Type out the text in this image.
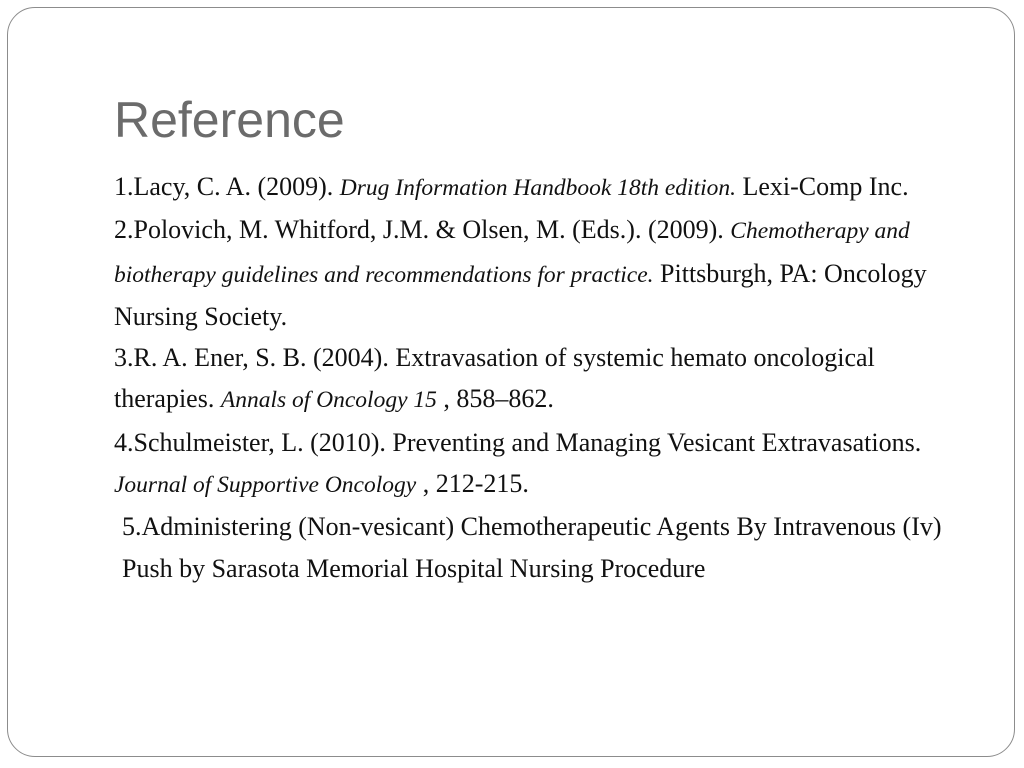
Reference

1.Lacy, C. A. (2009). Drug Information Handbook 18th edition. Lexi-Comp Inc.

2.Polovich, M. Whitford, J.M. & Olsen, M. (Eds.). (2009). Chemotherapy and biotherapy guidelines and recommendations for practice. Pittsburgh, PA: Oncology Nursing Society.

3.R. A. Ener, S. B. (2004). Extravasation of systemic hemato oncological therapies. Annals of Oncology 15 , 858–862.

4.Schulmeister, L. (2010). Preventing and Managing Vesicant Extravasations. Journal of Supportive Oncology , 212-215.

5.Administering (Non-vesicant) Chemotherapeutic Agents By Intravenous (Iv) Push by Sarasota Memorial Hospital Nursing Procedure
